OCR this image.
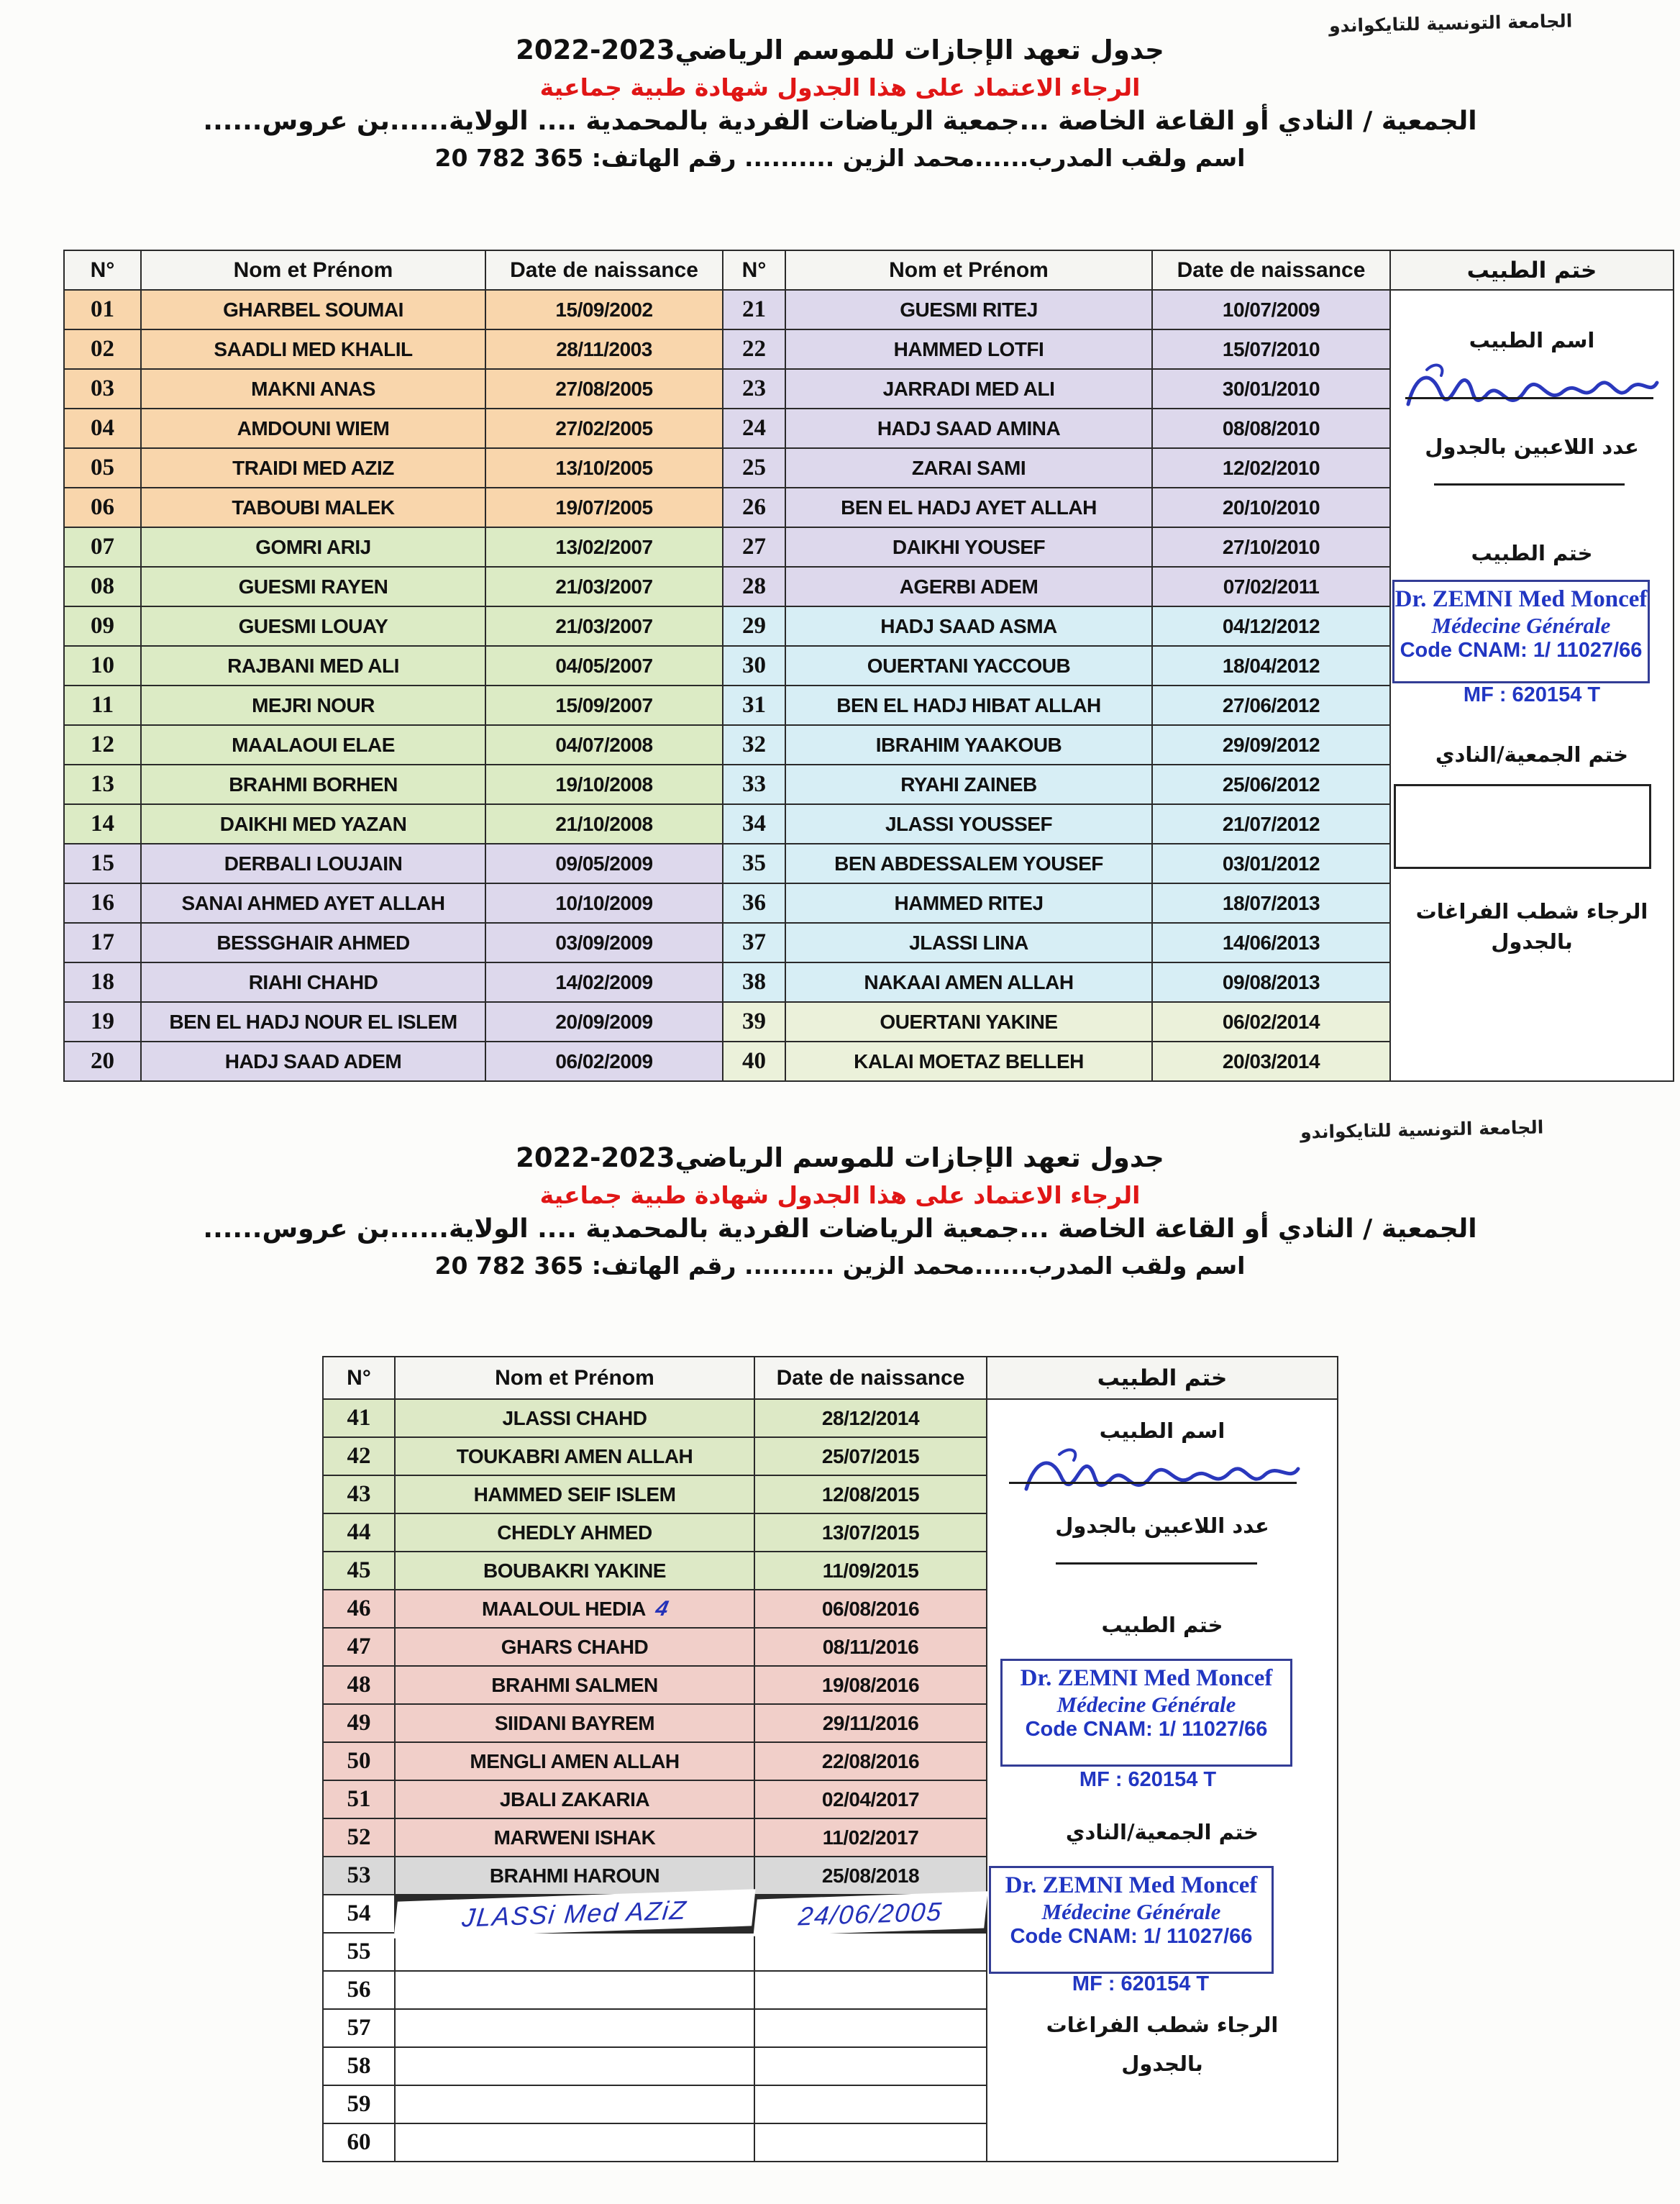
الجامعة التونسية للتايكواندو
جدول تعهد الإجازات للموسم الرياضي2023-2022
الرجاء الاعتماد على هذا الجدول شهادة طبية جماعية
الجمعية / النادي أو القاعة الخاصة ...جمعية الرياضات الفردية بالمحمدية .... الولاية......بن عروس......
اسم ولقب المدرب......محمد الزين .......... رقم الهاتف: 365 782 20
N°	Nom et Prénom	Date de naissance	N°	Nom et Prénom	Date de naissance	ختم الطبيب
01	GHARBEL SOUMAI	15/09/2002	21	GUESMI RITEJ	10/07/2009
02	SAADLI MED KHALIL	28/11/2003	22	HAMMED LOTFI	15/07/2010
03	MAKNI ANAS	27/08/2005	23	JARRADI MED ALI	30/01/2010
04	AMDOUNI WIEM	27/02/2005	24	HADJ SAAD AMINA	08/08/2010
05	TRAIDI MED AZIZ	13/10/2005	25	ZARAI SAMI	12/02/2010
06	TABOUBI MALEK	19/07/2005	26	BEN EL HADJ AYET ALLAH	20/10/2010
07	GOMRI ARIJ	13/02/2007	27	DAIKHI YOUSEF	27/10/2010
08	GUESMI RAYEN	21/03/2007	28	AGERBI ADEM	07/02/2011
09	GUESMI LOUAY	21/03/2007	29	HADJ SAAD ASMA	04/12/2012
10	RAJBANI MED ALI	04/05/2007	30	OUERTANI YACCOUB	18/04/2012
11	MEJRI NOUR	15/09/2007	31	BEN EL HADJ HIBAT ALLAH	27/06/2012
12	MAALAOUI ELAE	04/07/2008	32	IBRAHIM YAAKOUB	29/09/2012
13	BRAHMI BORHEN	19/10/2008	33	RYAHI ZAINEB	25/06/2012
14	DAIKHI MED YAZAN	21/10/2008	34	JLASSI YOUSSEF	21/07/2012
15	DERBALI LOUJAIN	09/05/2009	35	BEN ABDESSALEM YOUSEF	03/01/2012
16	SANAI AHMED AYET ALLAH	10/10/2009	36	HAMMED RITEJ	18/07/2013
17	BESSGHAIR AHMED	03/09/2009	37	JLASSI LINA	14/06/2013
18	RIAHI CHAHD	14/02/2009	38	NAKAAI AMEN ALLAH	09/08/2013
19	BEN EL HADJ NOUR EL ISLEM	20/09/2009	39	OUERTANI YAKINE	06/02/2014
20	HADJ SAAD ADEM	06/02/2009	40	KALAI MOETAZ BELLEH	20/03/2014
اسم الطبيب
عدد اللاعبين بالجدول
ختم الطبيب
Dr. ZEMNI Med Moncef
Médecine Générale
Code CNAM: 1/ 11027/66
MF : 620154 T
ختم الجمعية/النادي
الرجاء شطب الفراغات
بالجدول
الجامعة التونسية للتايكواندو
جدول تعهد الإجازات للموسم الرياضي2023-2022
الرجاء الاعتماد على هذا الجدول شهادة طبية جماعية
الجمعية / النادي أو القاعة الخاصة ...جمعية الرياضات الفردية بالمحمدية .... الولاية......بن عروس......
اسم ولقب المدرب......محمد الزين .......... رقم الهاتف: 365 782 20
N°	Nom et Prénom	Date de naissance	ختم الطبيب
41	JLASSI CHAHD	28/12/2014
42	TOUKABRI AMEN ALLAH	25/07/2015
43	HAMMED SEIF ISLEM	12/08/2015
44	CHEDLY AHMED	13/07/2015
45	BOUBAKRI YAKINE	11/09/2015
46	MAALOUL HEDIA 4	06/08/2016
47	GHARS CHAHD	08/11/2016
48	BRAHMI SALMEN	19/08/2016
49	SIIDANI BAYREM	29/11/2016
50	MENGLI AMEN ALLAH	22/08/2016
51	JBALI ZAKARIA	02/04/2017
52	MARWENI ISHAK	11/02/2017
53	BRAHMI HAROUN	25/08/2018
54	JLASSi Med AZiZ	24/06/2005
55
56
57
58
59
60
اسم الطبيب
عدد اللاعبين بالجدول
ختم الطبيب
Dr. ZEMNI Med Moncef
Médecine Générale
Code CNAM: 1/ 11027/66
MF : 620154 T
ختم الجمعية/النادي
Dr. ZEMNI Med Moncef
Médecine Générale
Code CNAM: 1/ 11027/66
MF : 620154 T
الرجاء شطب الفراغات
بالجدول
